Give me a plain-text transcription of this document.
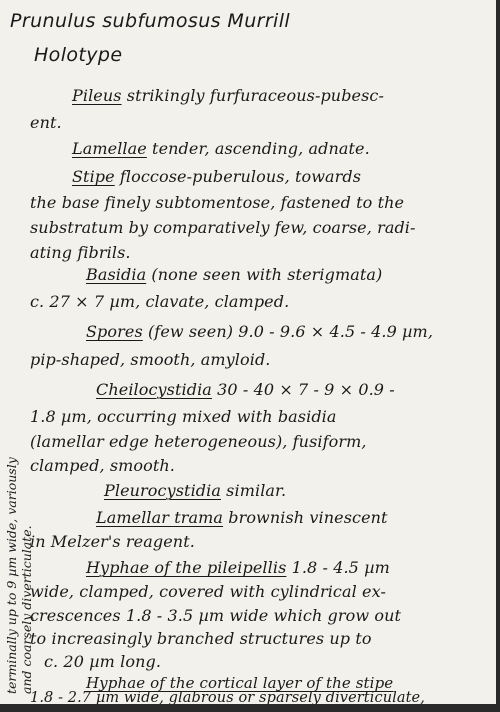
Prunulus subfumosus Murrill
Holotype
Pileus strikingly furfuraceous-pubesc-
ent.
Lamellae tender, ascending, adnate.
Stipe floccose-puberulous, towards
the base finely subtomentose, fastened to the
substratum by comparatively few, coarse, radi-
ating fibrils.
Basidia (none seen with sterigmata)
c. 27 × 7 µm, clavate, clamped.
Spores (few seen) 9.0 - 9.6 × 4.5 - 4.9 µm,
pip-shaped, smooth, amyloid.
Cheilocystidia 30 - 40 × 7 - 9 × 0.9 -
1.8 µm, occurring mixed with basidia
(lamellar edge heterogeneous), fusiform,
clamped, smooth.
Pleurocystidia similar.
Lamellar trama brownish vinescent
in Melzer's reagent.
Hyphae of the pileipellis 1.8 - 4.5 µm
wide, clamped, covered with cylindrical ex-
crescences 1.8 - 3.5 µm wide which grow out
to increasingly branched structures up to
c. 20 µm long.
Hyphae of the cortical layer of the stipe
1.8 - 2.7 µm wide, glabrous or sparsely diverticulate,
terminally up to 9 µm wide, variously and coarsely diverticulate.
